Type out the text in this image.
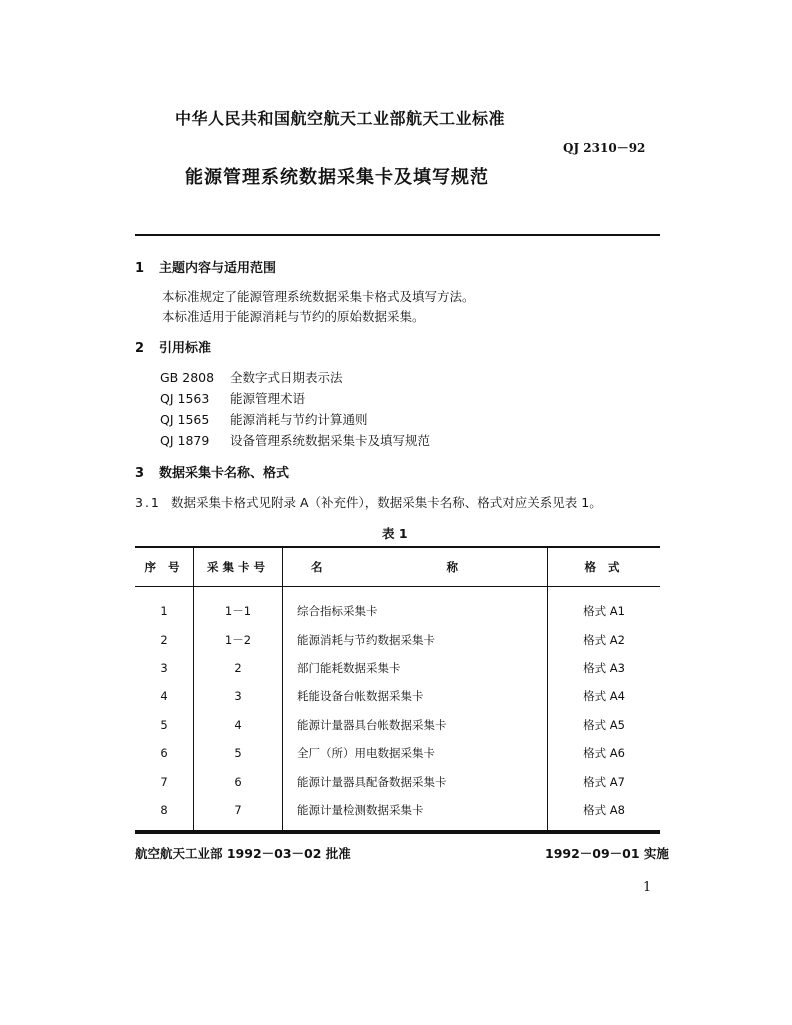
中华人民共和国航空航天工业部航天工业标准
QJ 2310－92
能源管理系统数据采集卡及填写规范
1 主题内容与适用范围
本标准规定了能源管理系统数据采集卡格式及填写方法。
本标准适用于能源消耗与节约的原始数据采集。
2 引用标准
GB 2808 全数字式日期表示法
QJ 1563 能源管理术语
QJ 1565 能源消耗与节约计算通则
QJ 1879 设备管理系统数据采集卡及填写规范
3 数据采集卡名称、格式
3.1 数据采集卡格式见附录 A（补充件），数据采集卡名称、格式对应关系见表 1。
表 1
序 号	采集卡号	名 称	格 式
1	1－1	综合指标采集卡	格式 A1
2	1－2	能源消耗与节约数据采集卡	格式 A2
3	2	部门能耗数据采集卡	格式 A3
4	3	耗能设备台帐数据采集卡	格式 A4
5	4	能源计量器具台帐数据采集卡	格式 A5
6	5	全厂（所）用电数据采集卡	格式 A6
7	6	能源计量器具配备数据采集卡	格式 A7
8	7	能源计量检测数据采集卡	格式 A8
航空航天工业部 1992－03－02 批准	1992－09－01 实施
1
